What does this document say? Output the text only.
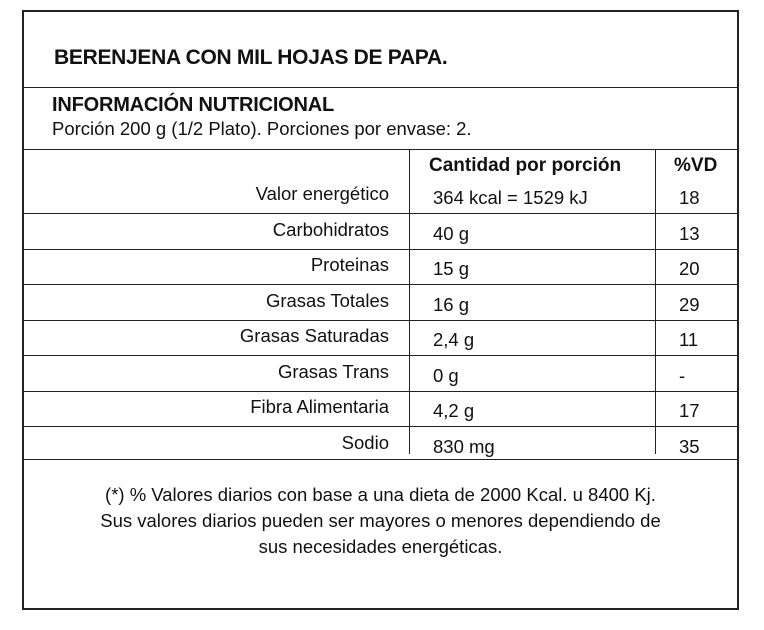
BERENJENA CON MIL HOJAS DE PAPA.
INFORMACIÓN NUTRICIONAL
Porción 200 g (1/2 Plato). Porciones por envase: 2.
Cantidad por porción	%VD
Valor energético 364 kcal = 1529 kJ	18
Carbohidratos 40 g	13
Proteinas 15 g	20
Grasas Totales 16 g	29
Grasas Saturadas 2,4 g	11
Grasas Trans 0 g	-
Fibra Alimentaria 4,2 g	17
Sodio 830 mg	35
(*) % Valores diarios con base a una dieta de 2000 Kcal. u 8400 Kj.
Sus valores diarios pueden ser mayores o menores dependiendo de
sus necesidades energéticas.
